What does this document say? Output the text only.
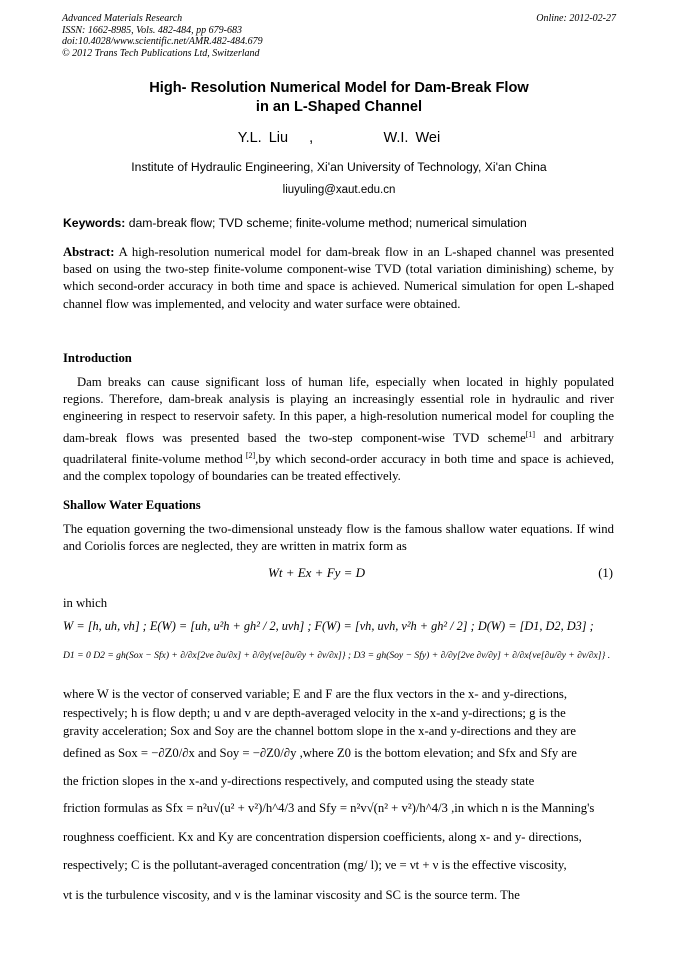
Advanced Materials Research
ISSN: 1662-8985, Vols. 482-484, pp 679-683
doi:10.4028/www.scientific.net/AMR.482-484.679
© 2012 Trans Tech Publications Ltd, Switzerland
Online: 2012-02-27
High- Resolution Numerical Model for Dam-Break Flow
in an L-Shaped Channel
Y.L. Liu   ,          W.I. Wei
Institute of Hydraulic Engineering, Xi'an University of Technology, Xi'an China
liuyuling@xaut.edu.cn
Keywords: dam-break flow; TVD scheme; finite-volume method; numerical simulation
Abstract: A high-resolution numerical model for dam-break flow in an L-shaped channel was presented based on using the two-step finite-volume component-wise TVD (total variation diminishing) scheme, by which second-order accuracy in both time and space is achieved. Numerical simulation for open L-shaped channel flow was implemented, and velocity and water surface were obtained.
Introduction
Dam breaks can cause significant loss of human life, especially when located in highly populated regions. Therefore, dam-break analysis is playing an increasingly essential role in hydraulic and river engineering in respect to reservoir safety. In this paper, a high-resolution numerical model for coupling the dam-break flows was presented based the two-step component-wise TVD scheme[1] and arbitrary quadrilateral finite-volume method [2],by which second-order accuracy in both time and space is achieved, and the complex topology of boundaries can be treated effectively.
Shallow Water Equations
The equation governing the two-dimensional unsteady flow is the famous shallow water equations. If wind and Coriolis forces are neglected, they are written in matrix form as
Wt + Ex + Fy = D	(1)
in which
W = [h, uh, vh] ; E(W) = [uh, u²h + gh² / 2, uvh] ; F(W) = [vh, uvh, v²h + gh² / 2] ; D(W) = [D1, D2, D3] ;
D1 = 0 D2 = gh(Sox − Sfx) + ∂/∂x[2νe ∂u/∂x] + ∂/∂y{νe[∂u/∂y + ∂v/∂x]} ; D3 = gh(Soy − Sfy) + ∂/∂y[2νe ∂v/∂y] + ∂/∂x{νe[∂u/∂y + ∂v/∂x]} .
where W is the vector of conserved variable; E and F are the flux vectors in the x- and y-directions,
respectively; h is flow depth; u and v are depth-averaged velocity in the x-and y-directions; g is the
gravity acceleration; Sox and Soy are the channel bottom slope in the x-and y-directions and they are
defined as Sox = −∂Z0/∂x and Soy = −∂Z0/∂y ,where Z0 is the bottom elevation; and Sfx and Sfy are
the friction slopes in the x-and y-directions respectively, and computed using the steady state
friction formulas as Sfx = n²u√(u² + v²)/h^4/3 and Sfy = n²v√(n² + v²)/h^4/3 ,in which n is the Manning's
roughness coefficient. Kx and Ky are concentration dispersion coefficients, along x- and y- directions,
respectively; C is the pollutant-averaged concentration (mg/ l); νe = νt + ν is the effective viscosity,
νt is the turbulence viscosity, and ν is the laminar viscosity and SC is the source term. The
